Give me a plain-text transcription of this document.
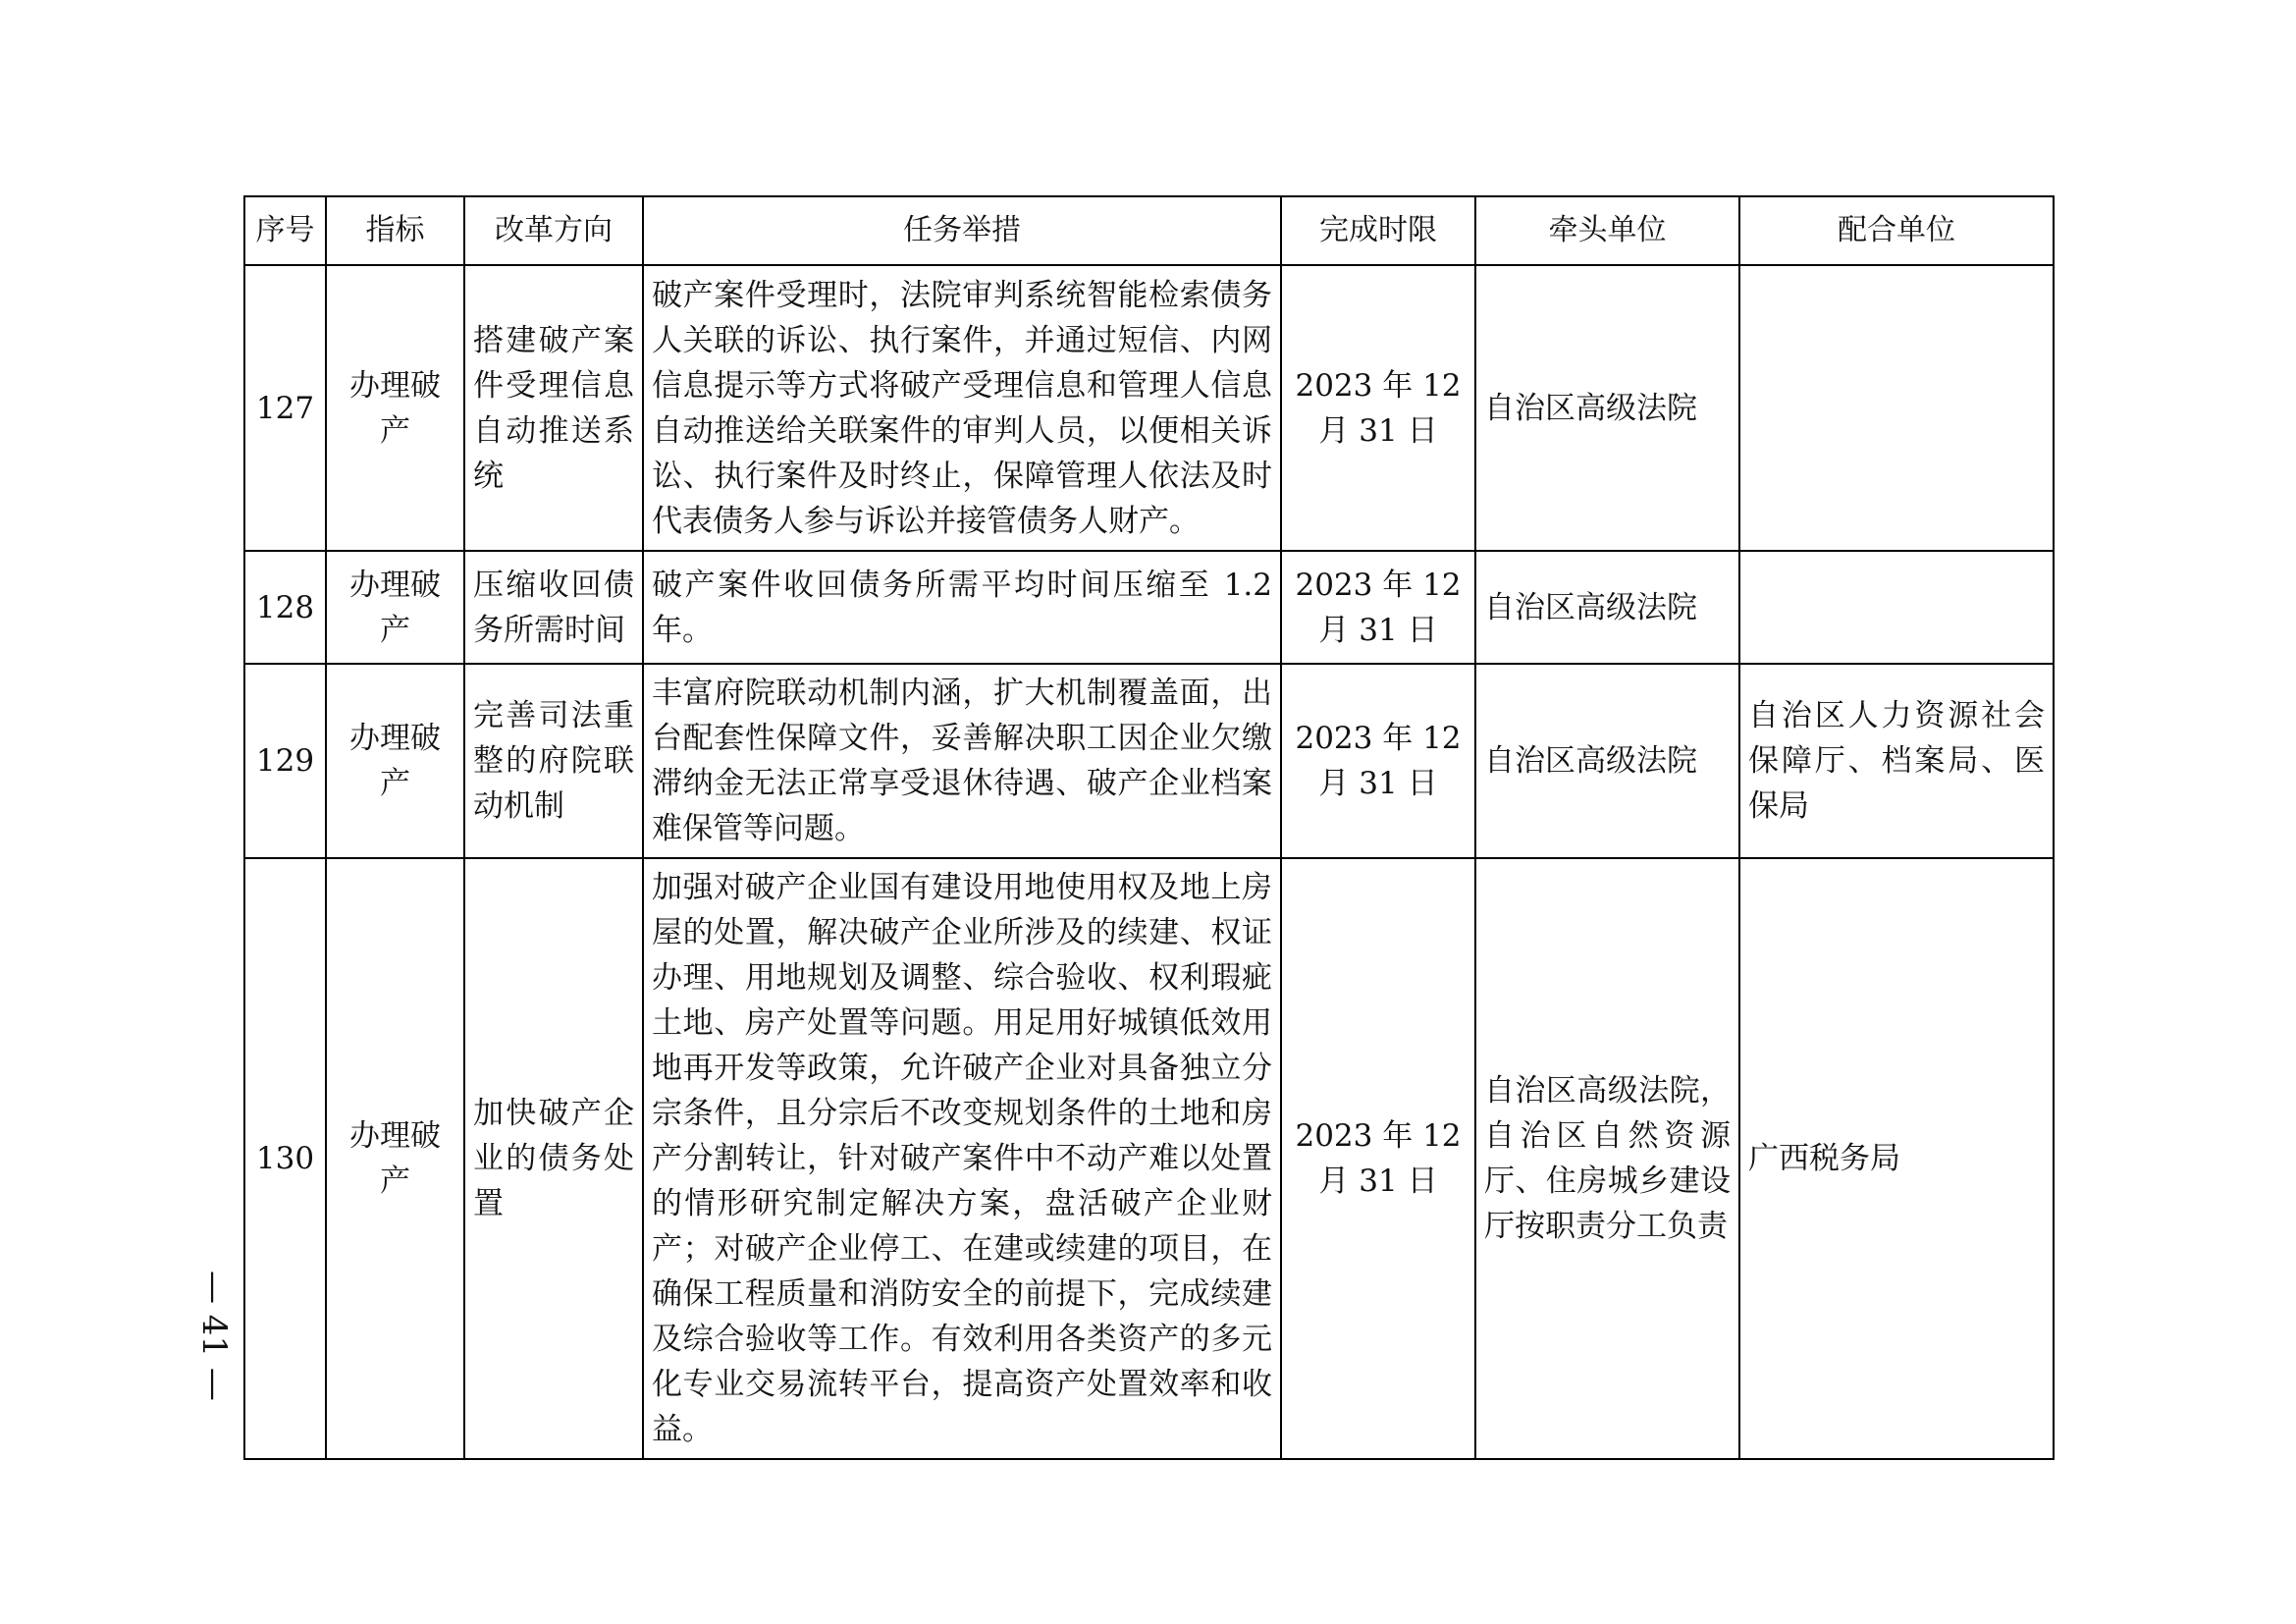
序号	指标	改革方向	任务举措	完成时限	牵头单位	配合单位
127	办理破产	搭建破产案件受理信息自动推送系统	破产案件受理时，法院审判系统智能检索债务人关联的诉讼、执行案件，并通过短信、内网信息提示等方式将破产受理信息和管理人信息自动推送给关联案件的审判人员，以便相关诉讼、执行案件及时终止，保障管理人依法及时代表债务人参与诉讼并接管债务人财产。	2023 年 12 月 31 日	自治区高级法院	
128	办理破产	压缩收回债务所需时间	破产案件收回债务所需平均时间压缩至 1.2 年。	2023 年 12 月 31 日	自治区高级法院	
129	办理破产	完善司法重整的府院联动机制	丰富府院联动机制内涵，扩大机制覆盖面，出台配套性保障文件，妥善解决职工因企业欠缴滞纳金无法正常享受退休待遇、破产企业档案难保管等问题。	2023 年 12 月 31 日	自治区高级法院	自治区人力资源社会保障厅、档案局、医保局
130	办理破产	加快破产企业的债务处置	加强对破产企业国有建设用地使用权及地上房屋的处置，解决破产企业所涉及的续建、权证办理、用地规划及调整、综合验收、权利瑕疵土地、房产处置等问题。用足用好城镇低效用地再开发等政策，允许破产企业对具备独立分宗条件，且分宗后不改变规划条件的土地和房产分割转让，针对破产案件中不动产难以处置的情形研究制定解决方案，盘活破产企业财产；对破产企业停工、在建或续建的项目，在确保工程质量和消防安全的前提下，完成续建及综合验收等工作。有效利用各类资产的多元化专业交易流转平台，提高资产处置效率和收益。	2023 年 12 月 31 日	自治区高级法院，自治区自然资源厅、住房城乡建设厅按职责分工负责	广西税务局
— 41 —
